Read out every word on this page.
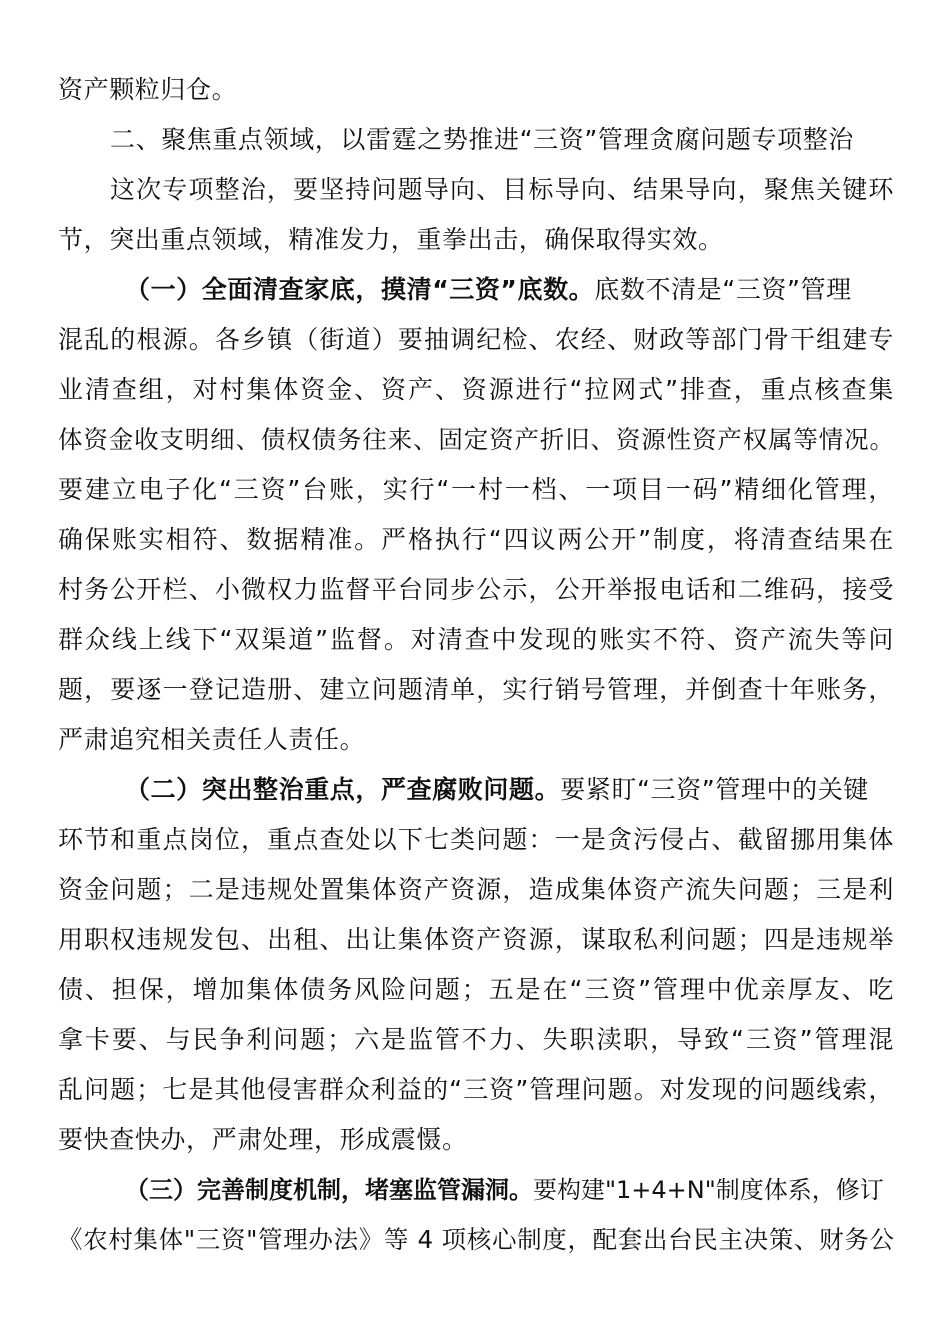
资产颗粒归仓。
二、聚焦重点领域，以雷霆之势推进“三资”管理贪腐问题专项整治
这次专项整治，要坚持问题导向、目标导向、结果导向，聚焦关键环
节，突出重点领域，精准发力，重拳出击，确保取得实效。
（一）全面清查家底，摸清“三资”底数。底数不清是“三资”管理
混乱的根源。各乡镇（街道）要抽调纪检、农经、财政等部门骨干组建专
业清查组，对村集体资金、资产、资源进行“拉网式”排查，重点核查集
体资金收支明细、债权债务往来、固定资产折旧、资源性资产权属等情况。
要建立电子化“三资”台账，实行“一村一档、一项目一码”精细化管理，
确保账实相符、数据精准。严格执行“四议两公开”制度，将清查结果在
村务公开栏、小微权力监督平台同步公示，公开举报电话和二维码，接受
群众线上线下“双渠道”监督。对清查中发现的账实不符、资产流失等问
题，要逐一登记造册、建立问题清单，实行销号管理，并倒查十年账务，
严肃追究相关责任人责任。
（二）突出整治重点，严查腐败问题。要紧盯“三资”管理中的关键
环节和重点岗位，重点查处以下七类问题：一是贪污侵占、截留挪用集体
资金问题；二是违规处置集体资产资源，造成集体资产流失问题；三是利
用职权违规发包、出租、出让集体资产资源，谋取私利问题；四是违规举
债、担保，增加集体债务风险问题；五是在“三资”管理中优亲厚友、吃
拿卡要、与民争利问题；六是监管不力、失职渎职，导致“三资”管理混
乱问题；七是其他侵害群众利益的“三资”管理问题。对发现的问题线索，
要快查快办，严肃处理，形成震慑。
（三）完善制度机制，堵塞监管漏洞。要构建"1+4+N"制度体系，修订
《农村集体"三资"管理办法》等 4 项核心制度，配套出台民主决策、财务公
